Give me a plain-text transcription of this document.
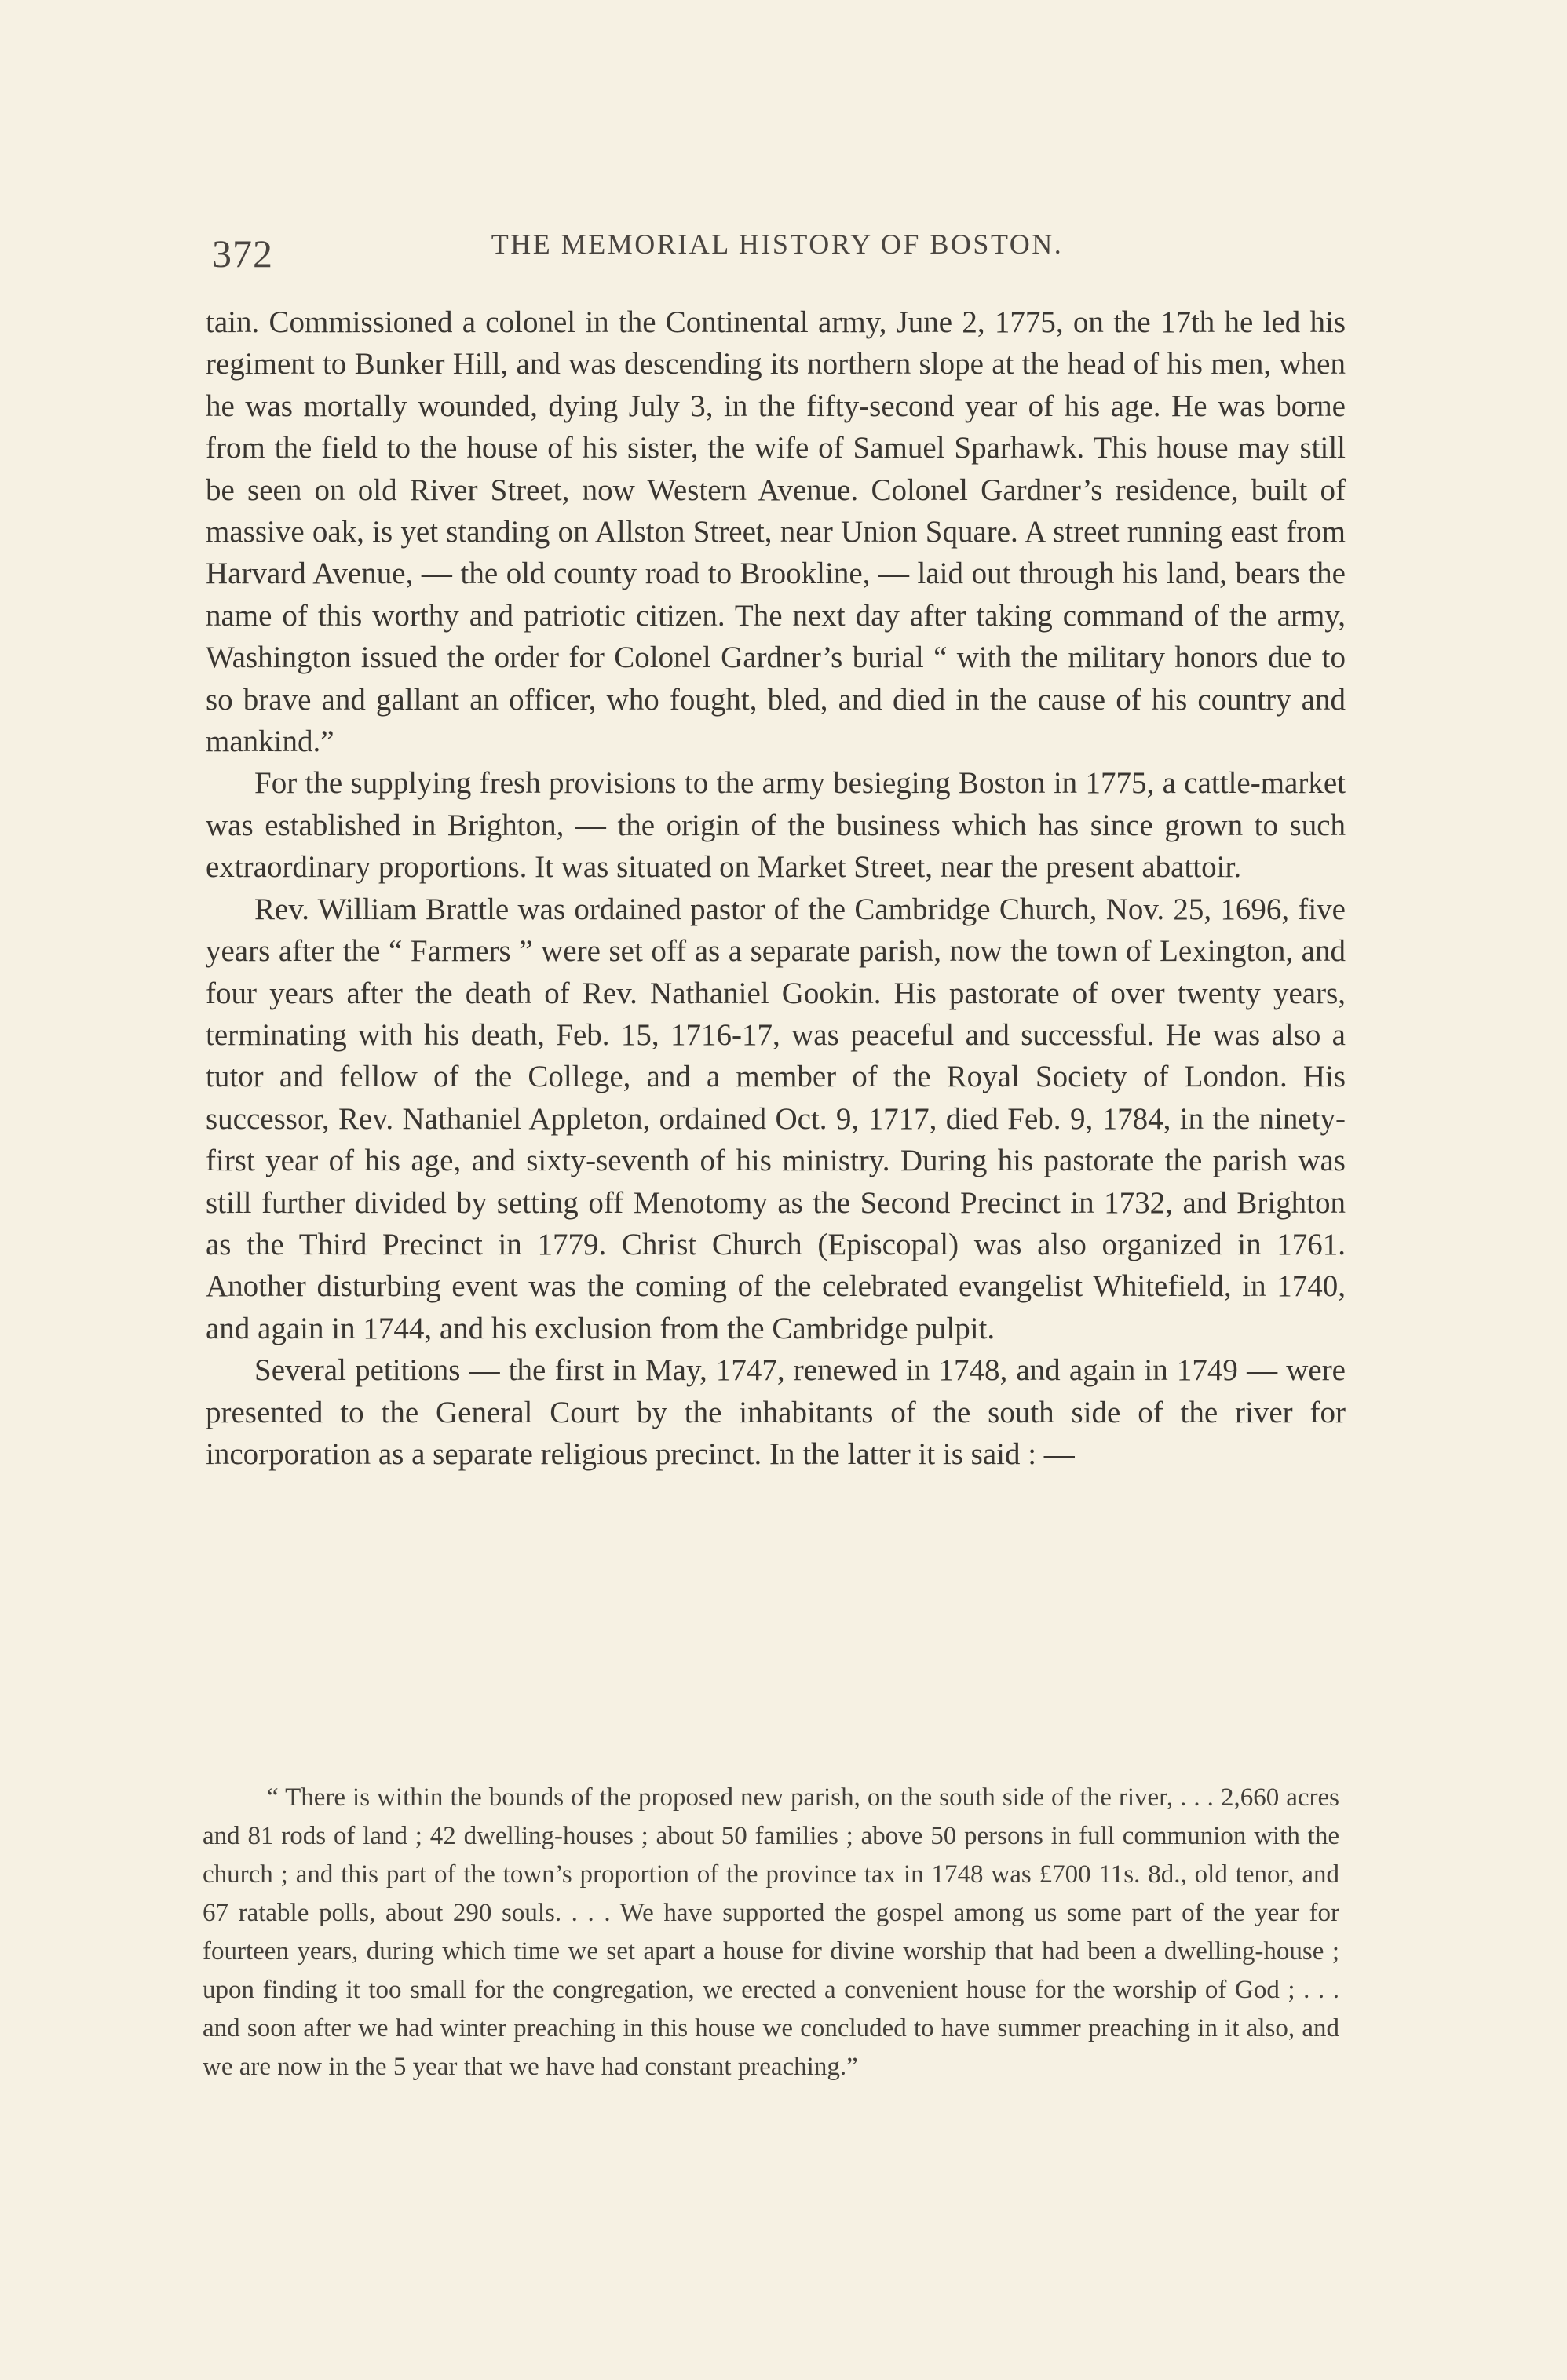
372	THE MEMORIAL HISTORY OF BOSTON.

tain. Commissioned a colonel in the Continental army, June 2, 1775, on the 17th he led his regiment to Bunker Hill, and was descending its northern slope at the head of his men, when he was mortally wounded, dying July 3, in the fifty-second year of his age. He was borne from the field to the house of his sister, the wife of Samuel Sparhawk. This house may still be seen on old River Street, now Western Avenue. Colonel Gardner’s residence, built of massive oak, is yet standing on Allston Street, near Union Square. A street running east from Harvard Avenue, — the old county road to Brookline, — laid out through his land, bears the name of this worthy and patriotic citizen. The next day after taking command of the army, Washington issued the order for Colonel Gardner’s burial “ with the military honors due to so brave and gallant an officer, who fought, bled, and died in the cause of his country and mankind.”

For the supplying fresh provisions to the army besieging Boston in 1775, a cattle-market was established in Brighton, — the origin of the business which has since grown to such extraordinary proportions. It was situated on Market Street, near the present abattoir.

Rev. William Brattle was ordained pastor of the Cambridge Church, Nov. 25, 1696, five years after the “ Farmers ” were set off as a separate parish, now the town of Lexington, and four years after the death of Rev. Nathaniel Gookin. His pastorate of over twenty years, terminating with his death, Feb. 15, 1716-17, was peaceful and successful. He was also a tutor and fellow of the College, and a member of the Royal Society of London. His successor, Rev. Nathaniel Appleton, ordained Oct. 9, 1717, died Feb. 9, 1784, in the ninety-first year of his age, and sixty-seventh of his ministry. During his pastorate the parish was still further divided by setting off Menotomy as the Second Precinct in 1732, and Brighton as the Third Precinct in 1779. Christ Church (Episcopal) was also organized in 1761. Another disturbing event was the coming of the celebrated evangelist Whitefield, in 1740, and again in 1744, and his exclusion from the Cambridge pulpit.

Several petitions — the first in May, 1747, renewed in 1748, and again in 1749 — were presented to the General Court by the inhabitants of the south side of the river for incorporation as a separate religious precinct. In the latter it is said : —

“ There is within the bounds of the proposed new parish, on the south side of the river, . . . 2,660 acres and 81 rods of land ; 42 dwelling-houses ; about 50 families ; above 50 persons in full communion with the church ; and this part of the town’s proportion of the province tax in 1748 was £700 11s. 8d., old tenor, and 67 ratable polls, about 290 souls. . . . We have supported the gospel among us some part of the year for fourteen years, during which time we set apart a house for divine worship that had been a dwelling-house ; upon finding it too small for the congregation, we erected a convenient house for the worship of God ; . . . and soon after we had winter preaching in this house we concluded to have summer preaching in it also, and we are now in the 5 year that we have had constant preaching.”
